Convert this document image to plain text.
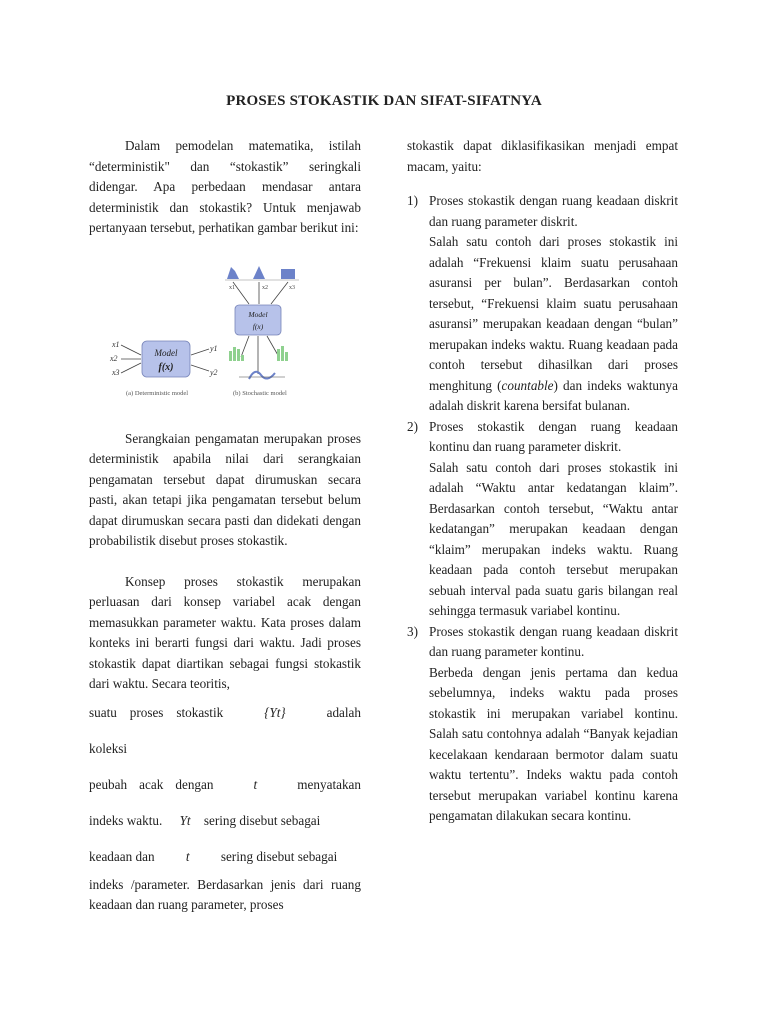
PROSES STOKASTIK DAN SIFAT-SIFATNYA

Dalam pemodelan matematika, istilah “deterministik" dan “stokastik” seringkali didengar. Apa perbedaan mendasar antara deterministik dan stokastik? Untuk menjawab pertanyaan tersebut, perhatikan gambar berikut ini:

x1	x2	x3
Model
f(x)
x1
x2
x3
Model
f(x)
y1
y2
(a) Deterministic model	(b) Stochastic model

Serangkaian pengamatan merupakan proses deterministik apabila nilai dari serangkaian pengamatan tersebut dapat dirumuskan secara pasti, akan tetapi jika pengamatan tersebut belum dapat dirumuskan secara pasti dan didekati dengan probabilistik disebut proses stokastik.

Konsep proses stokastik merupakan perluasan dari konsep variabel acak dengan memasukkan parameter waktu. Kata proses dalam konteks ini berarti fungsi dari waktu. Jadi proses stokastik dapat diartikan sebagai fungsi stokastik dari waktu. Secara teoritis,

suatu proses stokastik	{Yt}	adalah koleksi

peubah acak dengan	t	menyatakan

indeks waktu. Yt sering disebut sebagai

keadaan dan t sering disebut sebagai

indeks /parameter. Berdasarkan jenis dari ruang keadaan dan ruang parameter, proses

stokastik dapat diklasifikasikan menjadi empat macam, yaitu:

1) Proses stokastik dengan ruang keadaan diskrit dan ruang parameter diskrit.

Salah satu contoh dari proses stokastik ini adalah “Frekuensi klaim suatu perusahaan asuransi per bulan”. Berdasarkan contoh tersebut, “Frekuensi klaim suatu perusahaan asuransi” merupakan keadaan dengan “bulan” merupakan indeks waktu. Ruang keadaan pada contoh tersebut dihasilkan dari proses menghitung (countable) dan indeks waktunya adalah diskrit karena bersifat bulanan.

2) Proses stokastik dengan ruang keadaan kontinu dan ruang parameter diskrit.

Salah satu contoh dari proses stokastik ini adalah “Waktu antar kedatangan klaim”. Berdasarkan contoh tersebut, “Waktu antar kedatangan” merupakan keadaan dengan “klaim” merupakan indeks waktu. Ruang keadaan pada contoh tersebut merupakan sebuah interval pada suatu garis bilangan real sehingga termasuk variabel kontinu.

3) Proses stokastik dengan ruang keadaan diskrit dan ruang parameter kontinu.

Berbeda dengan jenis pertama dan kedua sebelumnya, indeks waktu pada proses stokastik ini merupakan variabel kontinu. Salah satu contohnya adalah “Banyak kejadian kecelakaan kendaraan bermotor dalam suatu waktu tertentu”. Indeks waktu pada contoh tersebut merupakan variabel kontinu karena pengamatan dilakukan secara kontinu.
